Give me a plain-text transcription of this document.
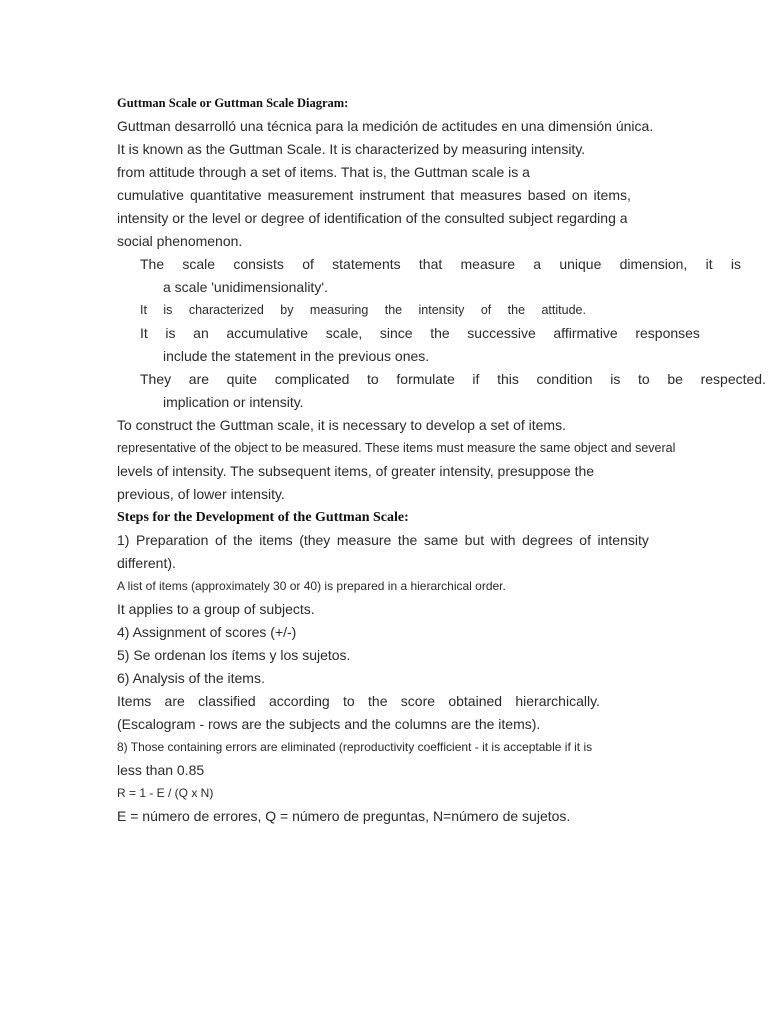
Guttman Scale or Guttman Scale Diagram:
Guttman desarrolló una técnica para la medición de actitudes en una dimensión única.
It is known as the Guttman Scale. It is characterized by measuring intensity.
from attitude through a set of items. That is, the Guttman scale is a
cumulative quantitative measurement instrument that measures based on items,
intensity or the level or degree of identification of the consulted subject regarding a
social phenomenon.
The scale consists of statements that measure a unique dimension, it is
a scale 'unidimensionality'.
It is characterized by measuring the intensity of the attitude.
It is an accumulative scale, since the successive affirmative responses
include the statement in the previous ones.
They are quite complicated to formulate if this condition is to be respected.
implication or intensity.
To construct the Guttman scale, it is necessary to develop a set of items.
representative of the object to be measured. These items must measure the same object and several
levels of intensity. The subsequent items, of greater intensity, presuppose the
previous, of lower intensity.
Steps for the Development of the Guttman Scale:
1) Preparation of the items (they measure the same but with degrees of intensity
different).
A list of items (approximately 30 or 40) is prepared in a hierarchical order.
It applies to a group of subjects.
4) Assignment of scores (+/-)
5) Se ordenan los ítems y los sujetos.
6) Analysis of the items.
Items are classified according to the score obtained hierarchically.
(Escalogram - rows are the subjects and the columns are the items).
8) Those containing errors are eliminated (reproductivity coefficient - it is acceptable if it is
less than 0.85
R = 1 - E / (Q x N)
E = número de errores, Q = número de preguntas, N=número de sujetos.
